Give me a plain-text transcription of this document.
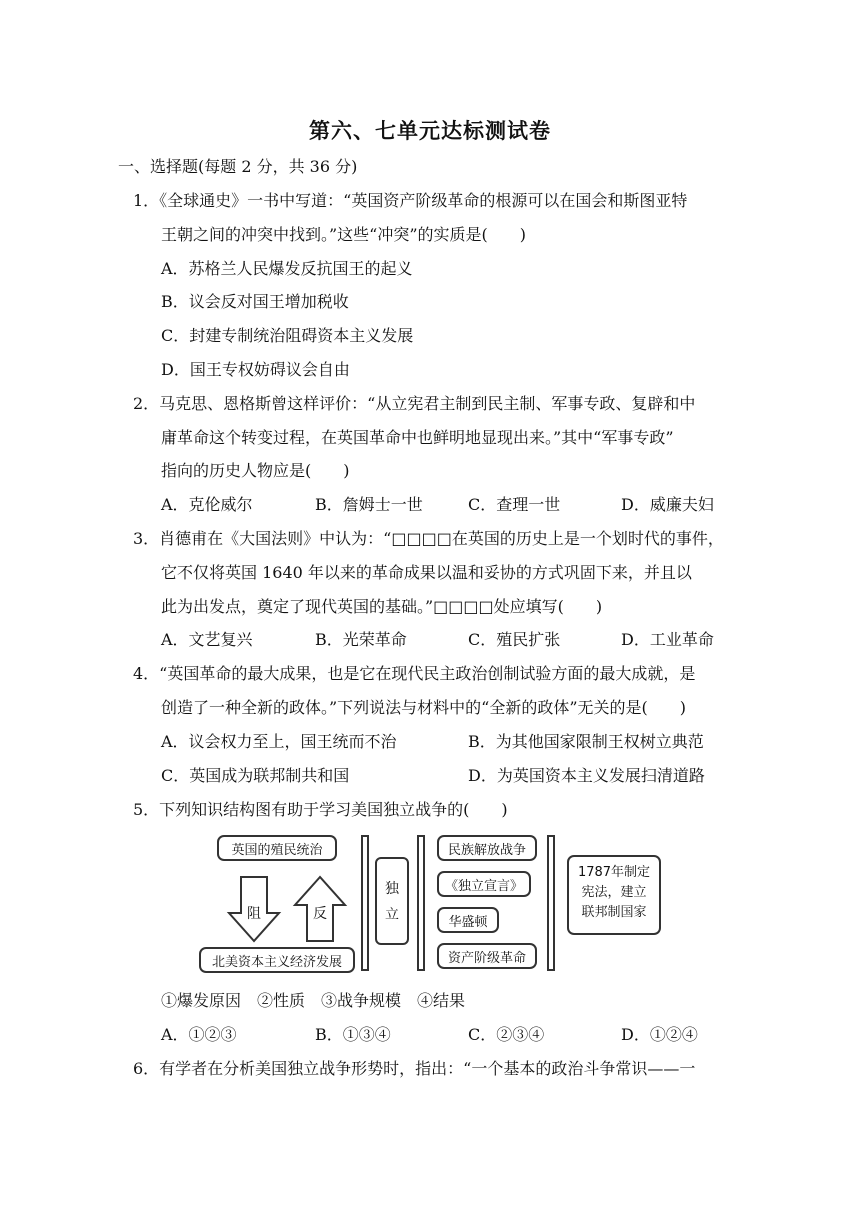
第六、七单元达标测试卷
一、选择题(每题 2 分，共 36 分)
1．《全球通史》一书中写道：“英国资产阶级革命的根源可以在国会和斯图亚特
王朝之间的冲突中找到。”这些“冲突”的实质是(　　)
A．苏格兰人民爆发反抗国王的起义
B．议会反对国王增加税收
C．封建专制统治阻碍资本主义发展
D．国王专权妨碍议会自由
2．马克思、恩格斯曾这样评价：“从立宪君主制到民主制、军事专政、复辟和中
庸革命这个转变过程，在英国革命中也鲜明地显现出来。”其中“军事专政”
指向的历史人物应是(　　)
A．克伦威尔	B．詹姆士一世	C．查理一世	D．威廉夫妇
3．肖德甫在《大国法则》中认为：“□□□□在英国的历史上是一个划时代的事件，
它不仅将英国 1640 年以来的革命成果以温和妥协的方式巩固下来，并且以
此为出发点，奠定了现代英国的基础。”□□□□处应填写(　　)
A．文艺复兴	B．光荣革命	C．殖民扩张	D．工业革命
4．“英国革命的最大成果，也是它在现代民主政治创制试验方面的最大成就，是
创造了一种全新的政体。”下列说法与材料中的“全新的政体”无关的是(　　)
A．议会权力至上，国王统而不治	B．为其他国家限制王权树立典范
C．英国成为联邦制共和国	D．为英国资本主义发展扫清道路
5．下列知识结构图有助于学习美国独立战争的(　　)
英国的殖民统治
北美资本主义经济发展
阻	反
独
立
民族解放战争
《独立宣言》
华盛顿
资产阶级革命
1787年制定
宪法，建立
联邦制国家
①爆发原因　②性质　③战争规模　④结果
A．①②③	B．①③④	C．②③④	D．①②④
6．有学者在分析美国独立战争形势时，指出：“一个基本的政治斗争常识——一
